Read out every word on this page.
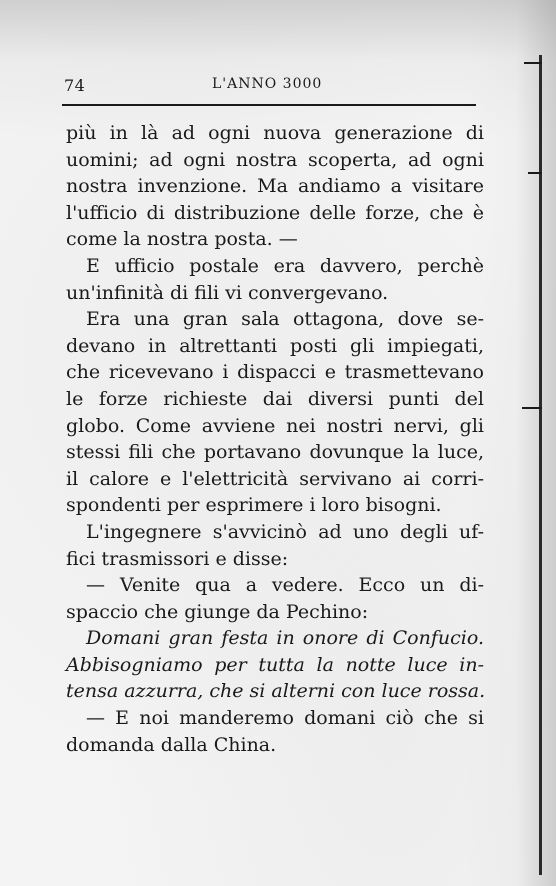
74	L'ANNO 3000
più in là ad ogni nuova generazione di
uomini; ad ogni nostra scoperta, ad ogni
nostra invenzione. Ma andiamo a visitare
l'ufficio di distribuzione delle forze, che è
come la nostra posta. —
E ufficio postale era davvero, perchè
un'infinità di fili vi convergevano.
Era una gran sala ottagona, dove se-
devano in altrettanti posti gli impiegati,
che ricevevano i dispacci e trasmettevano
le forze richieste dai diversi punti del
globo. Come avviene nei nostri nervi, gli
stessi fili che portavano dovunque la luce,
il calore e l'elettricità servivano ai corri-
spondenti per esprimere i loro bisogni.
L'ingegnere s'avvicinò ad uno degli uf-
fici trasmissori e disse:
— Venite qua a vedere. Ecco un di-
spaccio che giunge da Pechino:
Domani gran festa in onore di Confucio.
Abbisogniamo per tutta la notte luce in-
tensa azzurra, che si alterni con luce rossa.
— E noi manderemo domani ciò che si
domanda dalla China.
